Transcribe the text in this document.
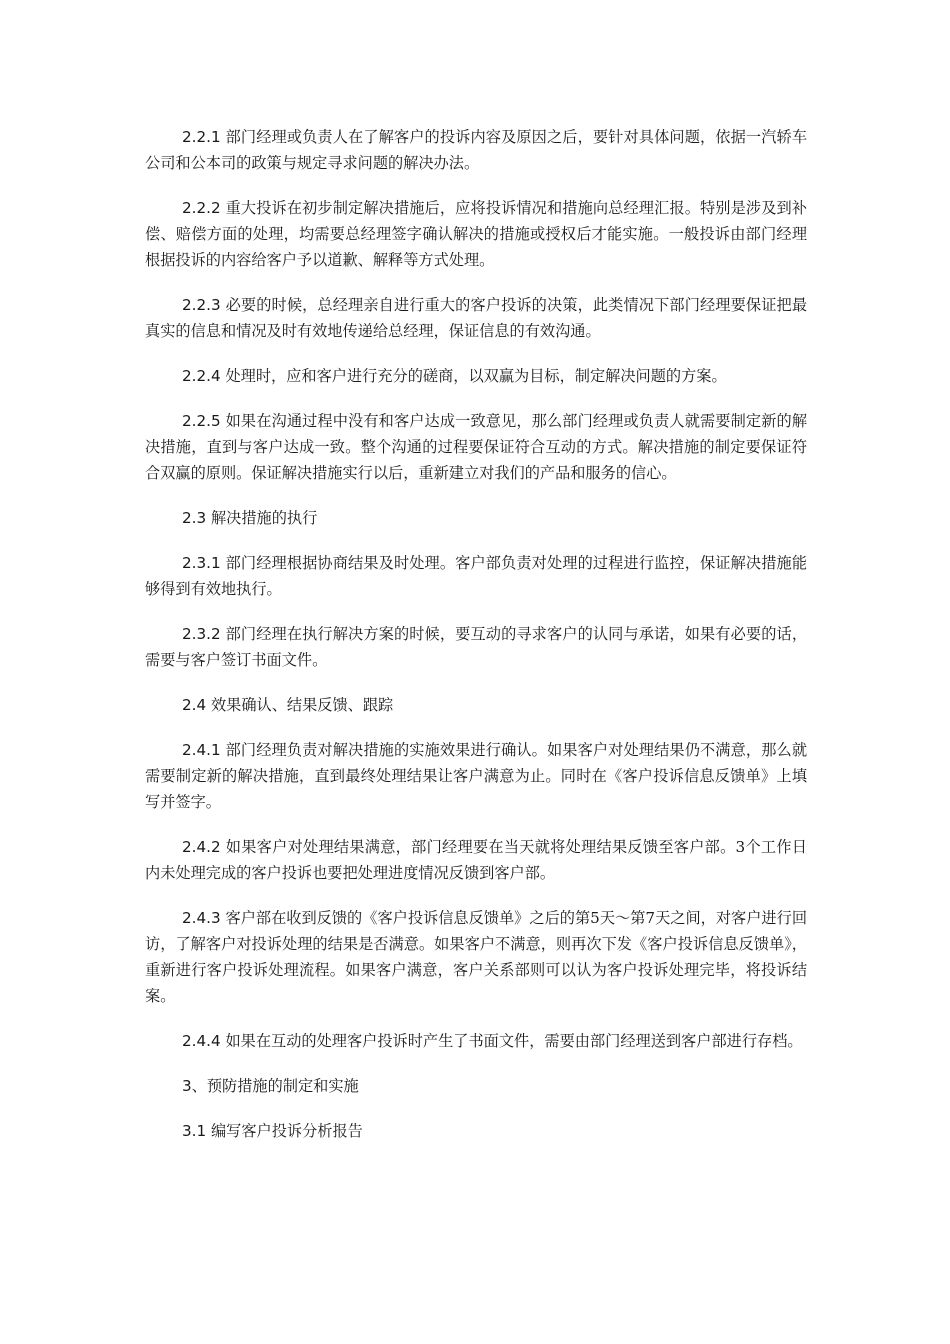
2.2.1 部门经理或负责人在了解客户的投诉内容及原因之后，要针对具体问题，依据一汽轿车公司和公本司的政策与规定寻求问题的解决办法。

2.2.2 重大投诉在初步制定解决措施后，应将投诉情况和措施向总经理汇报。特别是涉及到补偿、赔偿方面的处理，均需要总经理签字确认解决的措施或授权后才能实施。一般投诉由部门经理根据投诉的内容给客户予以道歉、解释等方式处理。

2.2.3 必要的时候，总经理亲自进行重大的客户投诉的决策，此类情况下部门经理要保证把最真实的信息和情况及时有效地传递给总经理，保证信息的有效沟通。

2.2.4 处理时，应和客户进行充分的磋商，以双赢为目标，制定解决问题的方案。

2.2.5 如果在沟通过程中没有和客户达成一致意见，那么部门经理或负责人就需要制定新的解决措施，直到与客户达成一致。整个沟通的过程要保证符合互动的方式。解决措施的制定要保证符合双赢的原则。保证解决措施实行以后，重新建立对我们的产品和服务的信心。

2.3 解决措施的执行

2.3.1 部门经理根据协商结果及时处理。客户部负责对处理的过程进行监控，保证解决措施能够得到有效地执行。

2.3.2 部门经理在执行解决方案的时候，要互动的寻求客户的认同与承诺，如果有必要的话，需要与客户签订书面文件。

2.4 效果确认、结果反馈、跟踪

2.4.1 部门经理负责对解决措施的实施效果进行确认。如果客户对处理结果仍不满意，那么就需要制定新的解决措施，直到最终处理结果让客户满意为止。同时在《客户投诉信息反馈单》上填写并签字。

2.4.2 如果客户对处理结果满意，部门经理要在当天就将处理结果反馈至客户部。3个工作日内未处理完成的客户投诉也要把处理进度情况反馈到客户部。

2.4.3 客户部在收到反馈的《客户投诉信息反馈单》之后的第5天～第7天之间，对客户进行回访，了解客户对投诉处理的结果是否满意。如果客户不满意，则再次下发《客户投诉信息反馈单》，重新进行客户投诉处理流程。如果客户满意，客户关系部则可以认为客户投诉处理完毕，将投诉结案。

2.4.4 如果在互动的处理客户投诉时产生了书面文件，需要由部门经理送到客户部进行存档。

3、预防措施的制定和实施

3.1 编写客户投诉分析报告
